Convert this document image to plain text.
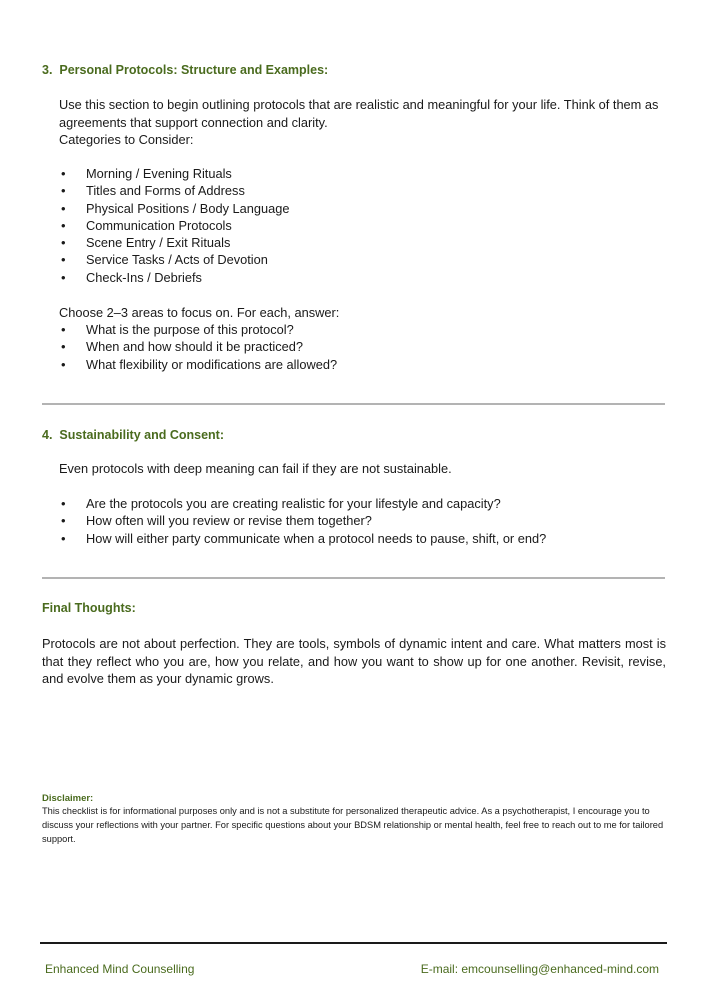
3. Personal Protocols: Structure and Examples:

Use this section to begin outlining protocols that are realistic and meaningful for your life. Think of them as agreements that support connection and clarity.

Categories to Consider:

• Morning / Evening Rituals
• Titles and Forms of Address
• Physical Positions / Body Language
• Communication Protocols
• Scene Entry / Exit Rituals
• Service Tasks / Acts of Devotion
• Check-Ins / Debriefs

Choose 2–3 areas to focus on. For each, answer:

• What is the purpose of this protocol?
• When and how should it be practiced?
• What flexibility or modifications are allowed?

4. Sustainability and Consent:

Even protocols with deep meaning can fail if they are not sustainable.

• Are the protocols you are creating realistic for your lifestyle and capacity?
• How often will you review or revise them together?
• How will either party communicate when a protocol needs to pause, shift, or end?

Final Thoughts:

Protocols are not about perfection. They are tools, symbols of dynamic intent and care. What matters most is that they reflect who you are, how you relate, and how you want to show up for one another. Revisit, revise, and evolve them as your dynamic grows.

Disclaimer:

This checklist is for informational purposes only and is not a substitute for personalized therapeutic advice. As a psychotherapist, I encourage you to discuss your reflections with your partner. For specific questions about your BDSM relationship or mental health, feel free to reach out to me for tailored support.

Enhanced Mind Counselling	E-mail: emcounselling@enhanced-mind.com
